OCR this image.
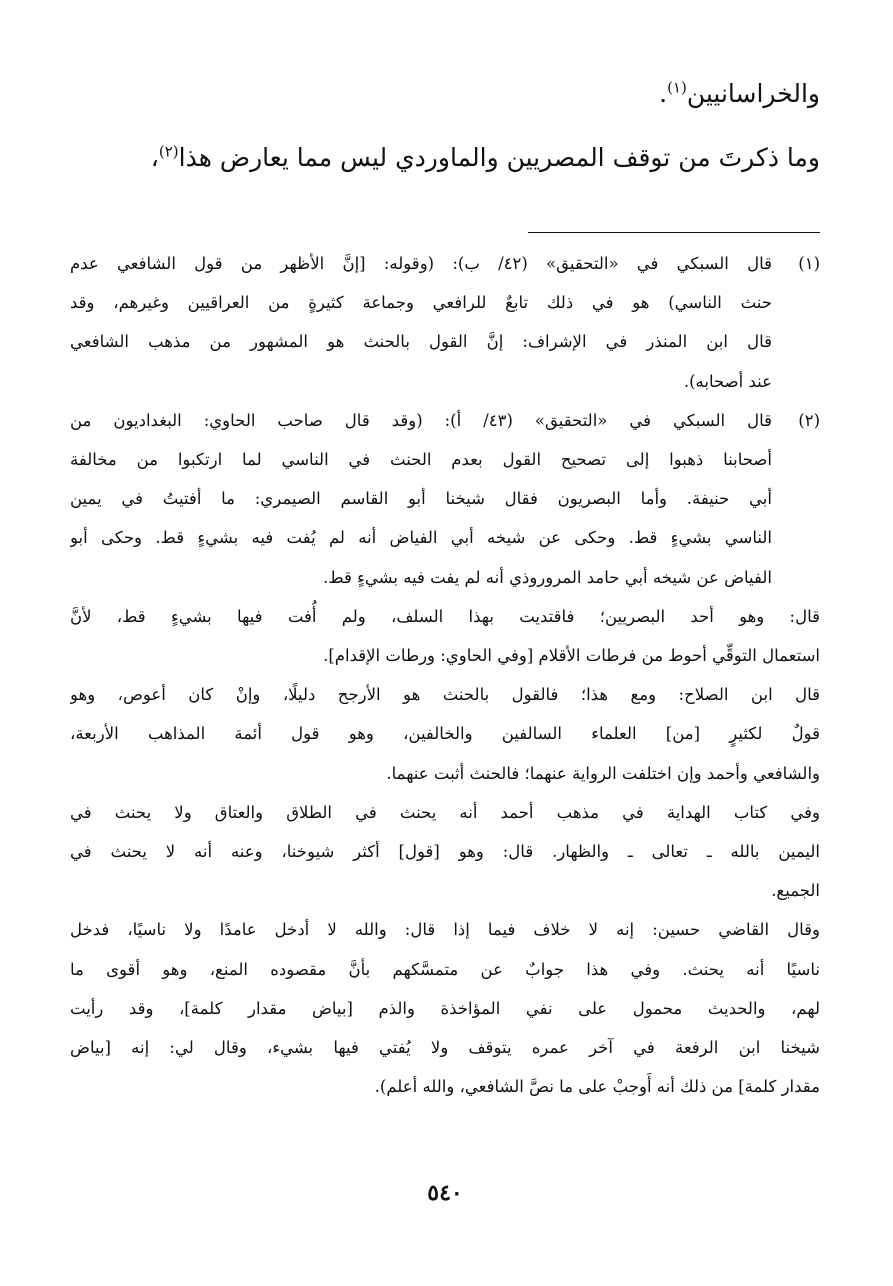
والخراسانيين$^{(١)}$.
وما ذكرتَ من توقف المصريين والماوردي ليس مما يعارض هذا$^{(٢)}$،
(١)
قال السبكي في «التحقيق» (٤٢/ ب): (وقوله: [إنَّ الأظهر من قول الشافعي عدم
حنث الناسي) هو في ذلك تابعٌ للرافعي وجماعة كثيرةٍ من العراقيين وغيرهم، وقد
قال ابن المنذر في الإشراف: إنَّ القول بالحنث هو المشهور من مذهب الشافعي
عند أصحابه).
(٢)
قال السبكي في «التحقيق» (٤٣/ أ): (وقد قال صاحب الحاوي: البغداديون من
أصحابنا ذهبوا إلى تصحيح القول بعدم الحنث في الناسي لما ارتكبوا من مخالفة
أبي حنيفة. وأما البصريون فقال شيخنا أبو القاسم الصيمري: ما أفتيتُ في يمين
الناسي بشيءٍ قط. وحكى عن شيخه أبي الفياض أنه لم يُفت فيه بشيءٍ قط. وحكى أبو
الفياض عن شيخه أبي حامد المروروذي أنه لم يفت فيه بشيءٍ قط.
قال: وهو أحد البصريين؛ فاقتديت بهذا السلف، ولم أُفت فيها بشيءٍ قط، لأنَّ
استعمال التوقِّي أحوط من فرطات الأقلام [وفي الحاوي: ورطات الإقدام].
قال ابن الصلاح: ومع هذا؛ فالقول بالحنث هو الأرجح دليلًا، وإنْ كان أعوص، وهو
قولٌ لكثيرٍ [من] العلماء السالفين والخالفين، وهو قول أئمة المذاهب الأربعة،
والشافعي وأحمد وإن اختلفت الرواية عنهما؛ فالحنث أثبت عنهما.
وفي كتاب الهداية في مذهب أحمد أنه يحنث في الطلاق والعتاق ولا يحنث في
اليمين بالله ـ تعالى ـ والظهار. قال: وهو [قول] أكثر شيوخنا، وعنه أنه لا يحنث في
الجميع.
وقال القاضي حسين: إنه لا خلاف فيما إذا قال: والله لا أدخل عامدًا ولا ناسيًا، فدخل
ناسيًا أنه يحنث. وفي هذا جوابٌ عن متمسَّكهم بأنَّ مقصوده المنع، وهو أقوى ما
لهم، والحديث محمول على نفي المؤاخذة والذم [بياض مقدار كلمة]، وقد رأيت
شيخنا ابن الرفعة في آخر عمره يتوقف ولا يُفتي فيها بشيء، وقال لي: إنه [بياض
مقدار كلمة] من ذلك أنه أَوجبْ على ما نصَّ الشافعي، والله أعلم).
٥٤٠
